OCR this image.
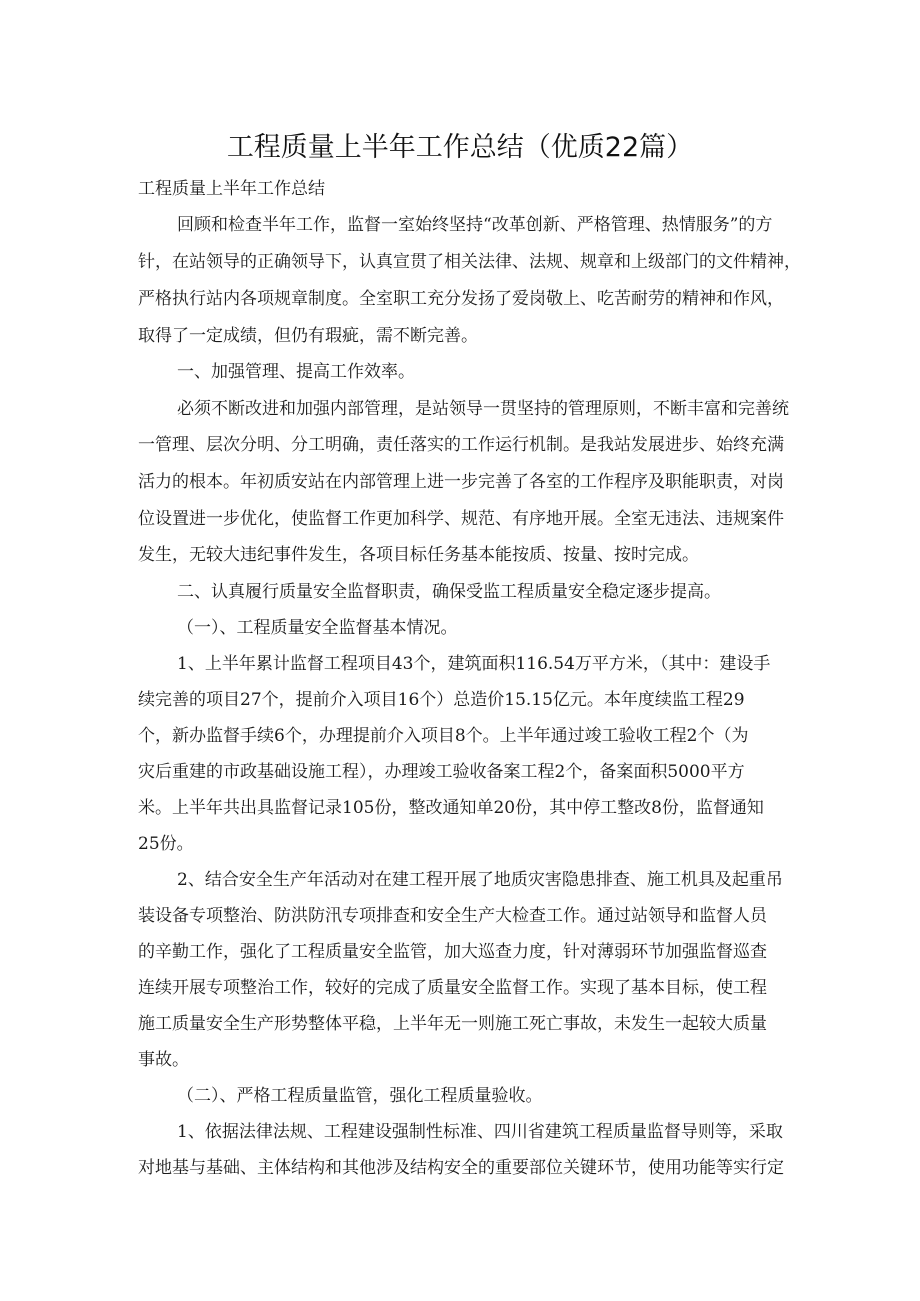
工程质量上半年工作总结（优质22篇）
工程质量上半年工作总结
回顾和检查半年工作，监督一室始终坚持“改革创新、严格管理、热情服务”的方
针，在站领导的正确领导下，认真宣贯了相关法律、法规、规章和上级部门的文件精神，
严格执行站内各项规章制度。全室职工充分发扬了爱岗敬上、吃苦耐劳的精神和作风，
取得了一定成绩，但仍有瑕疵，需不断完善。
一、加强管理、提高工作效率。
必须不断改进和加强内部管理，是站领导一贯坚持的管理原则，不断丰富和完善统
一管理、层次分明、分工明确，责任落实的工作运行机制。是我站发展进步、始终充满
活力的根本。年初质安站在内部管理上进一步完善了各室的工作程序及职能职责，对岗
位设置进一步优化，使监督工作更加科学、规范、有序地开展。全室无违法、违规案件
发生，无较大违纪事件发生，各项目标任务基本能按质、按量、按时完成。
二、认真履行质量安全监督职责，确保受监工程质量安全稳定逐步提高。
（一）、工程质量安全监督基本情况。
1、上半年累计监督工程项目43个，建筑面积116.54万平方米，（其中：建设手
续完善的项目27个，提前介入项目16个）总造价15.15亿元。本年度续监工程29
个，新办监督手续6个，办理提前介入项目8个。上半年通过竣工验收工程2个（为
灾后重建的市政基础设施工程），办理竣工验收备案工程2个，备案面积5000平方
米。上半年共出具监督记录105份，整改通知单20份，其中停工整改8份，监督通知
25份。
2、结合安全生产年活动对在建工程开展了地质灾害隐患排查、施工机具及起重吊
装设备专项整治、防洪防汛专项排查和安全生产大检查工作。通过站领导和监督人员
的辛勤工作，强化了工程质量安全监管，加大巡查力度，针对薄弱环节加强监督巡查
连续开展专项整治工作，较好的完成了质量安全监督工作。实现了基本目标，使工程
施工质量安全生产形势整体平稳，上半年无一则施工死亡事故，未发生一起较大质量
事故。
（二）、严格工程质量监管，强化工程质量验收。
1、依据法律法规、工程建设强制性标准、四川省建筑工程质量监督导则等，采取
对地基与基础、主体结构和其他涉及结构安全的重要部位关键环节，使用功能等实行定
